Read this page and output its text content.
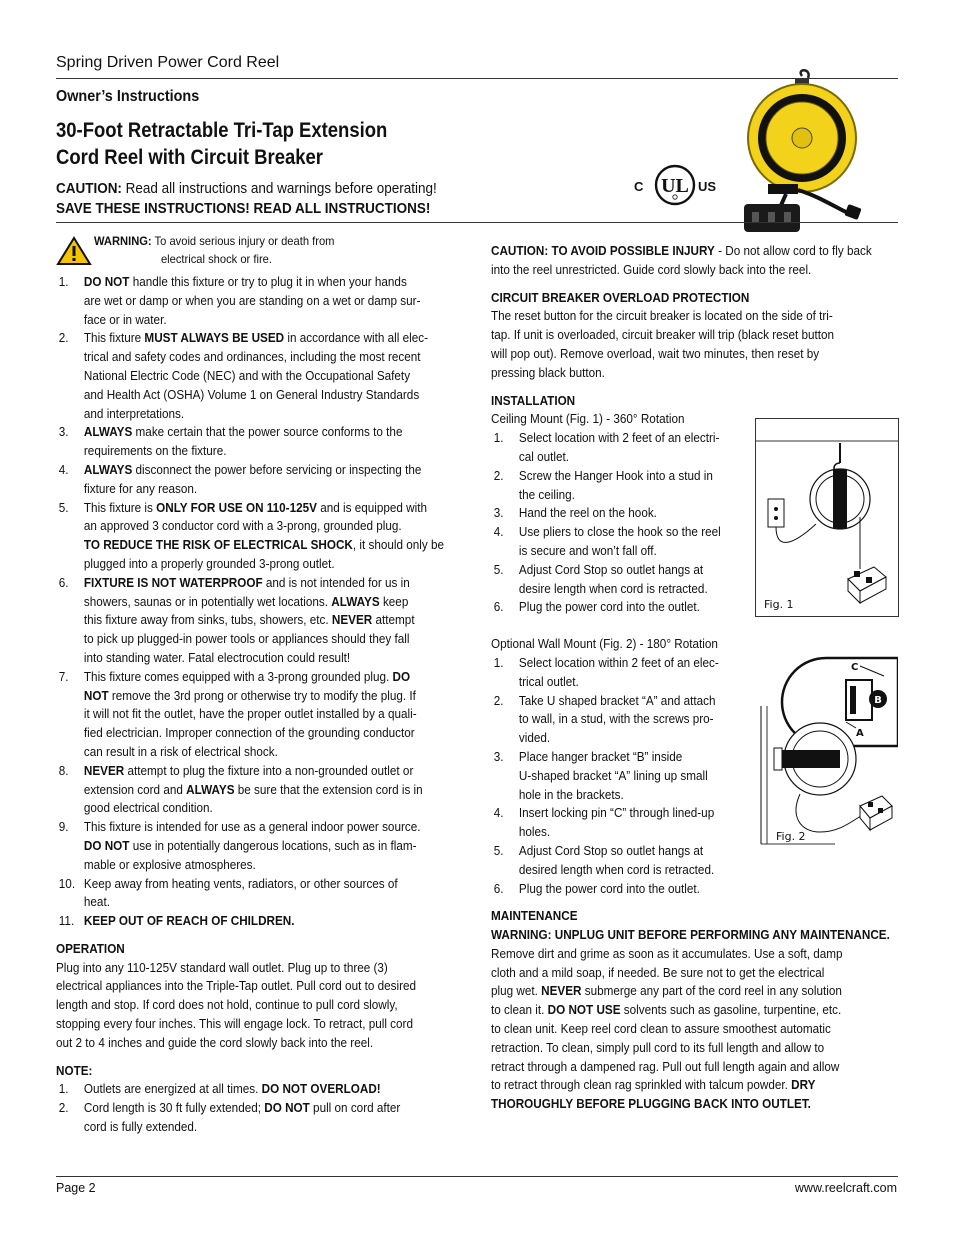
Spring Driven Power Cord Reel
Owner’s Instructions
30-Foot Retractable Tri-Tap Extension
Cord Reel with Circuit Breaker
CAUTION: Read all instructions and warnings before operating!
SAVE THESE INSTRUCTIONS! READ ALL INSTRUCTIONS!
UL
C	US
WARNING: To avoid serious injury or death from
electrical shock or fire.
1. DO NOT handle this fixture or try to plug it in when your hands
are wet or damp or when you are standing on a wet or damp sur-
face or in water.
2. This fixture MUST ALWAYS BE USED in accordance with all elec-
trical and safety codes and ordinances, including the most recent
National Electric Code (NEC) and with the Occupational Safety
and Health Act (OSHA) Volume 1 on General Industry Standards
and interpretations.
3. ALWAYS make certain that the power source conforms to the
requirements on the fixture.
4. ALWAYS disconnect the power before servicing or inspecting the
fixture for any reason.
5. This fixture is ONLY FOR USE ON 110-125V and is equipped with
an approved 3 conductor cord with a 3-prong, grounded plug.
TO REDUCE THE RISK OF ELECTRICAL SHOCK, it should only be
plugged into a properly grounded 3-prong outlet.
6. FIXTURE IS NOT WATERPROOF and is not intended for us in
showers, saunas or in potentially wet locations. ALWAYS keep
this fixture away from sinks, tubs, showers, etc. NEVER attempt
to pick up plugged-in power tools or appliances should they fall
into standing water. Fatal electrocution could result!
7. This fixture comes equipped with a 3-prong grounded plug. DO
NOT remove the 3rd prong or otherwise try to modify the plug. If
it will not fit the outlet, have the proper outlet installed by a quali-
fied electrician. Improper connection of the grounding conductor
can result in a risk of electrical shock.
8. NEVER attempt to plug the fixture into a non-grounded outlet or
extension cord and ALWAYS be sure that the extension cord is in
good electrical condition.
9. This fixture is intended for use as a general indoor power source.
DO NOT use in potentially dangerous locations, such as in flam-
mable or explosive atmospheres.
10. Keep away from heating vents, radiators, or other sources of
heat.
11. KEEP OUT OF REACH OF CHILDREN.
OPERATION
Plug into any 110-125V standard wall outlet. Plug up to three (3)
electrical appliances into the Triple-Tap outlet. Pull cord out to desired
length and stop. If cord does not hold, continue to pull cord slowly,
stopping every four inches. This will engage lock. To retract, pull cord
out 2 to 4 inches and guide the cord slowly back into the reel.
NOTE:
1. Outlets are energized at all times. DO NOT OVERLOAD!
2. Cord length is 30 ft fully extended; DO NOT pull on cord after
cord is fully extended.
CAUTION: TO AVOID POSSIBLE INJURY - Do not allow cord to fly back
into the reel unrestricted. Guide cord slowly back into the reel.
CIRCUIT BREAKER OVERLOAD PROTECTION
The reset button for the circuit breaker is located on the side of tri-
tap. If unit is overloaded, circuit breaker will trip (black reset button
will pop out). Remove overload, wait two minutes, then reset by
pressing black button.
INSTALLATION
Ceiling Mount (Fig. 1) - 360° Rotation
1. Select location with 2 feet of an electri-
cal outlet.
2. Screw the Hanger Hook into a stud in
the ceiling.
3. Hand the reel on the hook.
4. Use pliers to close the hook so the reel
is secure and won’t fall off.
5. Adjust Cord Stop so outlet hangs at
desire length when cord is retracted.
6. Plug the power cord into the outlet.
Optional Wall Mount (Fig. 2) - 180° Rotation
1. Select location within 2 feet of an elec-
trical outlet.
2. Take U shaped bracket “A” and attach
to wall, in a stud, with the screws pro-
vided.
3. Place hanger bracket “B” inside
U-shaped bracket “A” lining up small
hole in the brackets.
4. Insert locking pin “C” through lined-up
holes.
5. Adjust Cord Stop so outlet hangs at
desired length when cord is retracted.
6. Plug the power cord into the outlet.
MAINTENANCE
WARNING: UNPLUG UNIT BEFORE PERFORMING ANY MAINTENANCE.
Remove dirt and grime as soon as it accumulates. Use a soft, damp
cloth and a mild soap, if needed. Be sure not to get the electrical
plug wet. NEVER submerge any part of the cord reel in any solution
to clean it. DO NOT USE solvents such as gasoline, turpentine, etc.
to clean unit. Keep reel cord clean to assure smoothest automatic
retraction. To clean, simply pull cord to its full length and allow to
retract through a dampened rag. Pull out full length again and allow
to retract through clean rag sprinkled with talcum powder. DRY
THOROUGHLY BEFORE PLUGGING BACK INTO OUTLET.
Fig. 1
B
C
A
Fig. 2
Page 2	www.reelcraft.com
